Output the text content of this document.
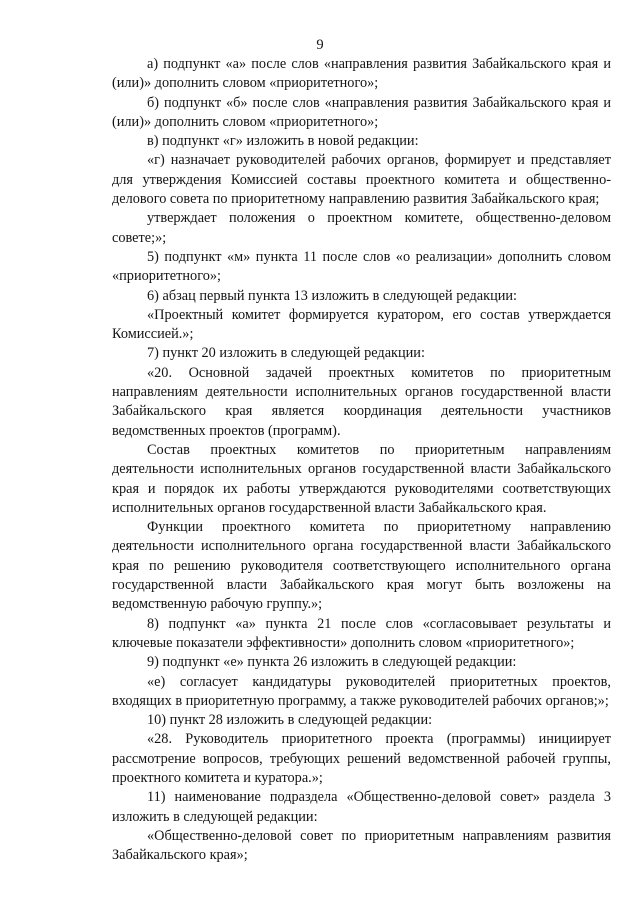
9

а) подпункт «а» после слов «направления развития Забайкальского края и (или)» дополнить словом «приоритетного»;

б) подпункт «б» после слов «направления развития Забайкальского края и (или)» дополнить словом «приоритетного»;

в) подпункт «г» изложить в новой редакции:

«г) назначает руководителей рабочих органов, формирует и представляет для утверждения Комиссией составы проектного комитета и общественно-делового совета по приоритетному направлению развития Забайкальского края;

утверждает положения о проектном комитете, общественно-деловом совете;»;

5) подпункт «м» пункта 11 после слов «о реализации» дополнить словом «приоритетного»;

6) абзац первый пункта 13 изложить в следующей редакции:

«Проектный комитет формируется куратором, его состав утверждается Комиссией.»;

7) пункт 20 изложить в следующей редакции:

«20. Основной задачей проектных комитетов по приоритетным направлениям деятельности исполнительных органов государственной власти Забайкальского края является координация деятельности участников ведомственных проектов (программ).

Состав проектных комитетов по приоритетным направлениям деятельности исполнительных органов государственной власти Забайкальского края и порядок их работы утверждаются руководителями соответствующих исполнительных органов государственной власти Забайкальского края.

Функции проектного комитета по приоритетному направлению деятельности исполнительного органа государственной власти Забайкальского края по решению руководителя соответствующего исполнительного органа государственной власти Забайкальского края могут быть возложены на ведомственную рабочую группу.»;

8) подпункт «а» пункта 21 после слов «согласовывает результаты и ключевые показатели эффективности» дополнить словом «приоритетного»;

9) подпункт «е» пункта 26 изложить в следующей редакции:

«е) согласует кандидатуры руководителей приоритетных проектов, входящих в приоритетную программу, а также руководителей рабочих органов;»;

10) пункт 28 изложить в следующей редакции:

«28. Руководитель приоритетного проекта (программы) инициирует рассмотрение вопросов, требующих решений ведомственной рабочей группы, проектного комитета и куратора.»;

11) наименование подраздела «Общественно-деловой совет» раздела 3 изложить в следующей редакции:

«Общественно-деловой совет по приоритетным направлениям развития Забайкальского края»;
